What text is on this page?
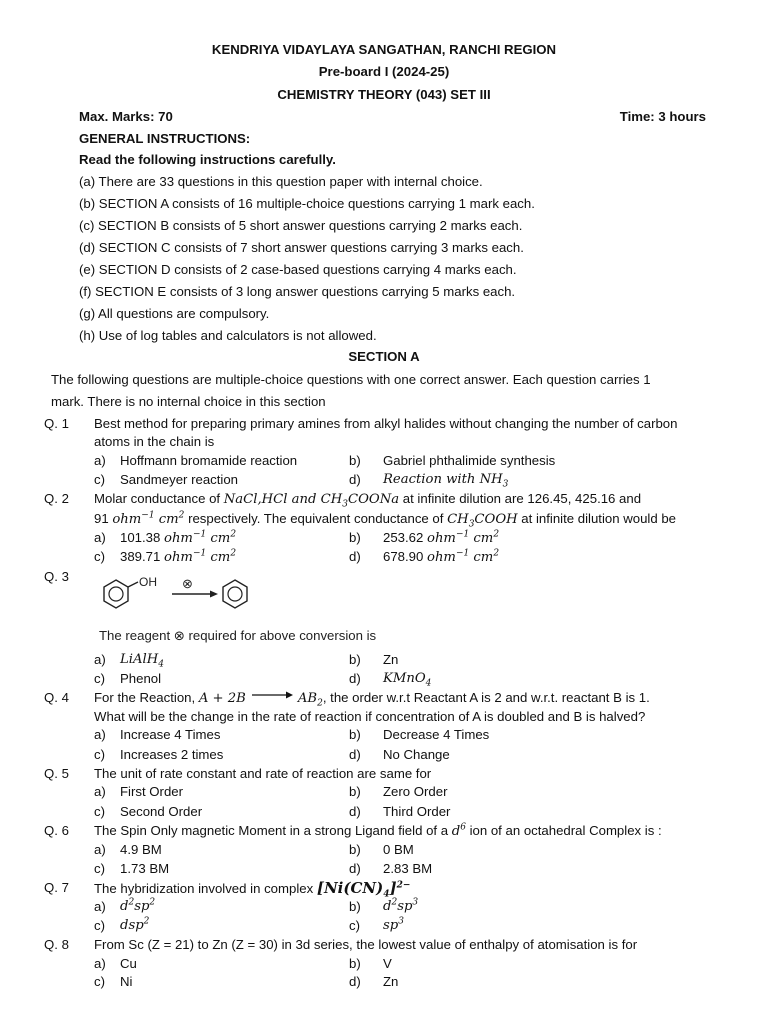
KENDRIYA VIDAYLAYA SANGATHAN, RANCHI REGION
Pre-board I (2024-25)
CHEMISTRY THEORY (043) SET III
Max. Marks: 70	Time: 3 hours
GENERAL INSTRUCTIONS:
Read the following instructions carefully.
(a) There are 33 questions in this question paper with internal choice.
(b) SECTION A consists of 16 multiple-choice questions carrying 1 mark each.
(c) SECTION B consists of 5 short answer questions carrying 2 marks each.
(d) SECTION C consists of 7 short answer questions carrying 3 marks each.
(e) SECTION D consists of 2 case-based questions carrying 4 marks each.
(f) SECTION E consists of 3 long answer questions carrying 5 marks each.
(g) All questions are compulsory.
(h) Use of log tables and calculators is not allowed.
SECTION A
The following questions are multiple-choice questions with one correct answer. Each question carries 1
mark. There is no internal choice in this section
Q. 1 Best method for preparing primary amines from alkyl halides without changing the number of carbon
atoms in the chain is
a) Hoffmann bromamide reaction	b) Gabriel phthalimide synthesis
c) Sandmeyer reaction	d) Reaction with $NH_3$
Q. 2 Molar conductance of NaCl,HCl and $CH_3COONa$ at infinite dilution are 126.45, 425.16 and
91 ohm$^{-1}$ $cm^2$ respectively. The equivalent conductance of $CH_3COOH$ at infinite dilution would be
a) 101.38 ohm$^{-1}$ $cm^2$	b) 253.62 ohm$^{-1}$ $cm^2$
c) 389.71 ohm$^{-1}$ $cm^2$	d) 678.90 ohm$^{-1}$ $cm^2$
Q. 3	OH ⊗
The reagent ⊗ required for above conversion is
a) LiAlH$_4$	b) Zn
c) Phenol	d) KMnO$_4$
Q. 4 For the Reaction, $A + 2B \to AB_2$, the order w.r.t Reactant A is 2 and w.r.t. reactant B is 1.
What will be the change in the rate of reaction if concentration of A is doubled and B is halved?
a) Increase 4 Times	b) Decrease 4 Times
c) Increases 2 times	d) No Change
Q. 5 The unit of rate constant and rate of reaction are same for
a) First Order	b) Zero Order
c) Second Order	d) Third Order
Q. 6 The Spin Only magnetic Moment in a strong Ligand field of a $d^6$ ion of an octahedral Complex is :
a) 4.9 BM	b) 0 BM
c) 1.73 BM	d) 2.83 BM
Q. 7 The hybridization involved in complex $[Ni(CN)_4]^{2-}$
a) $d^2sp^2$	b) $d^2sp^3$
c) dsp$^2$	c) $sp^3$
Q. 8 From Sc (Z = 21) to Zn (Z = 30) in 3d series, the lowest value of enthalpy of atomisation is for
a) Cu	b) V
c) Ni	d) Zn
